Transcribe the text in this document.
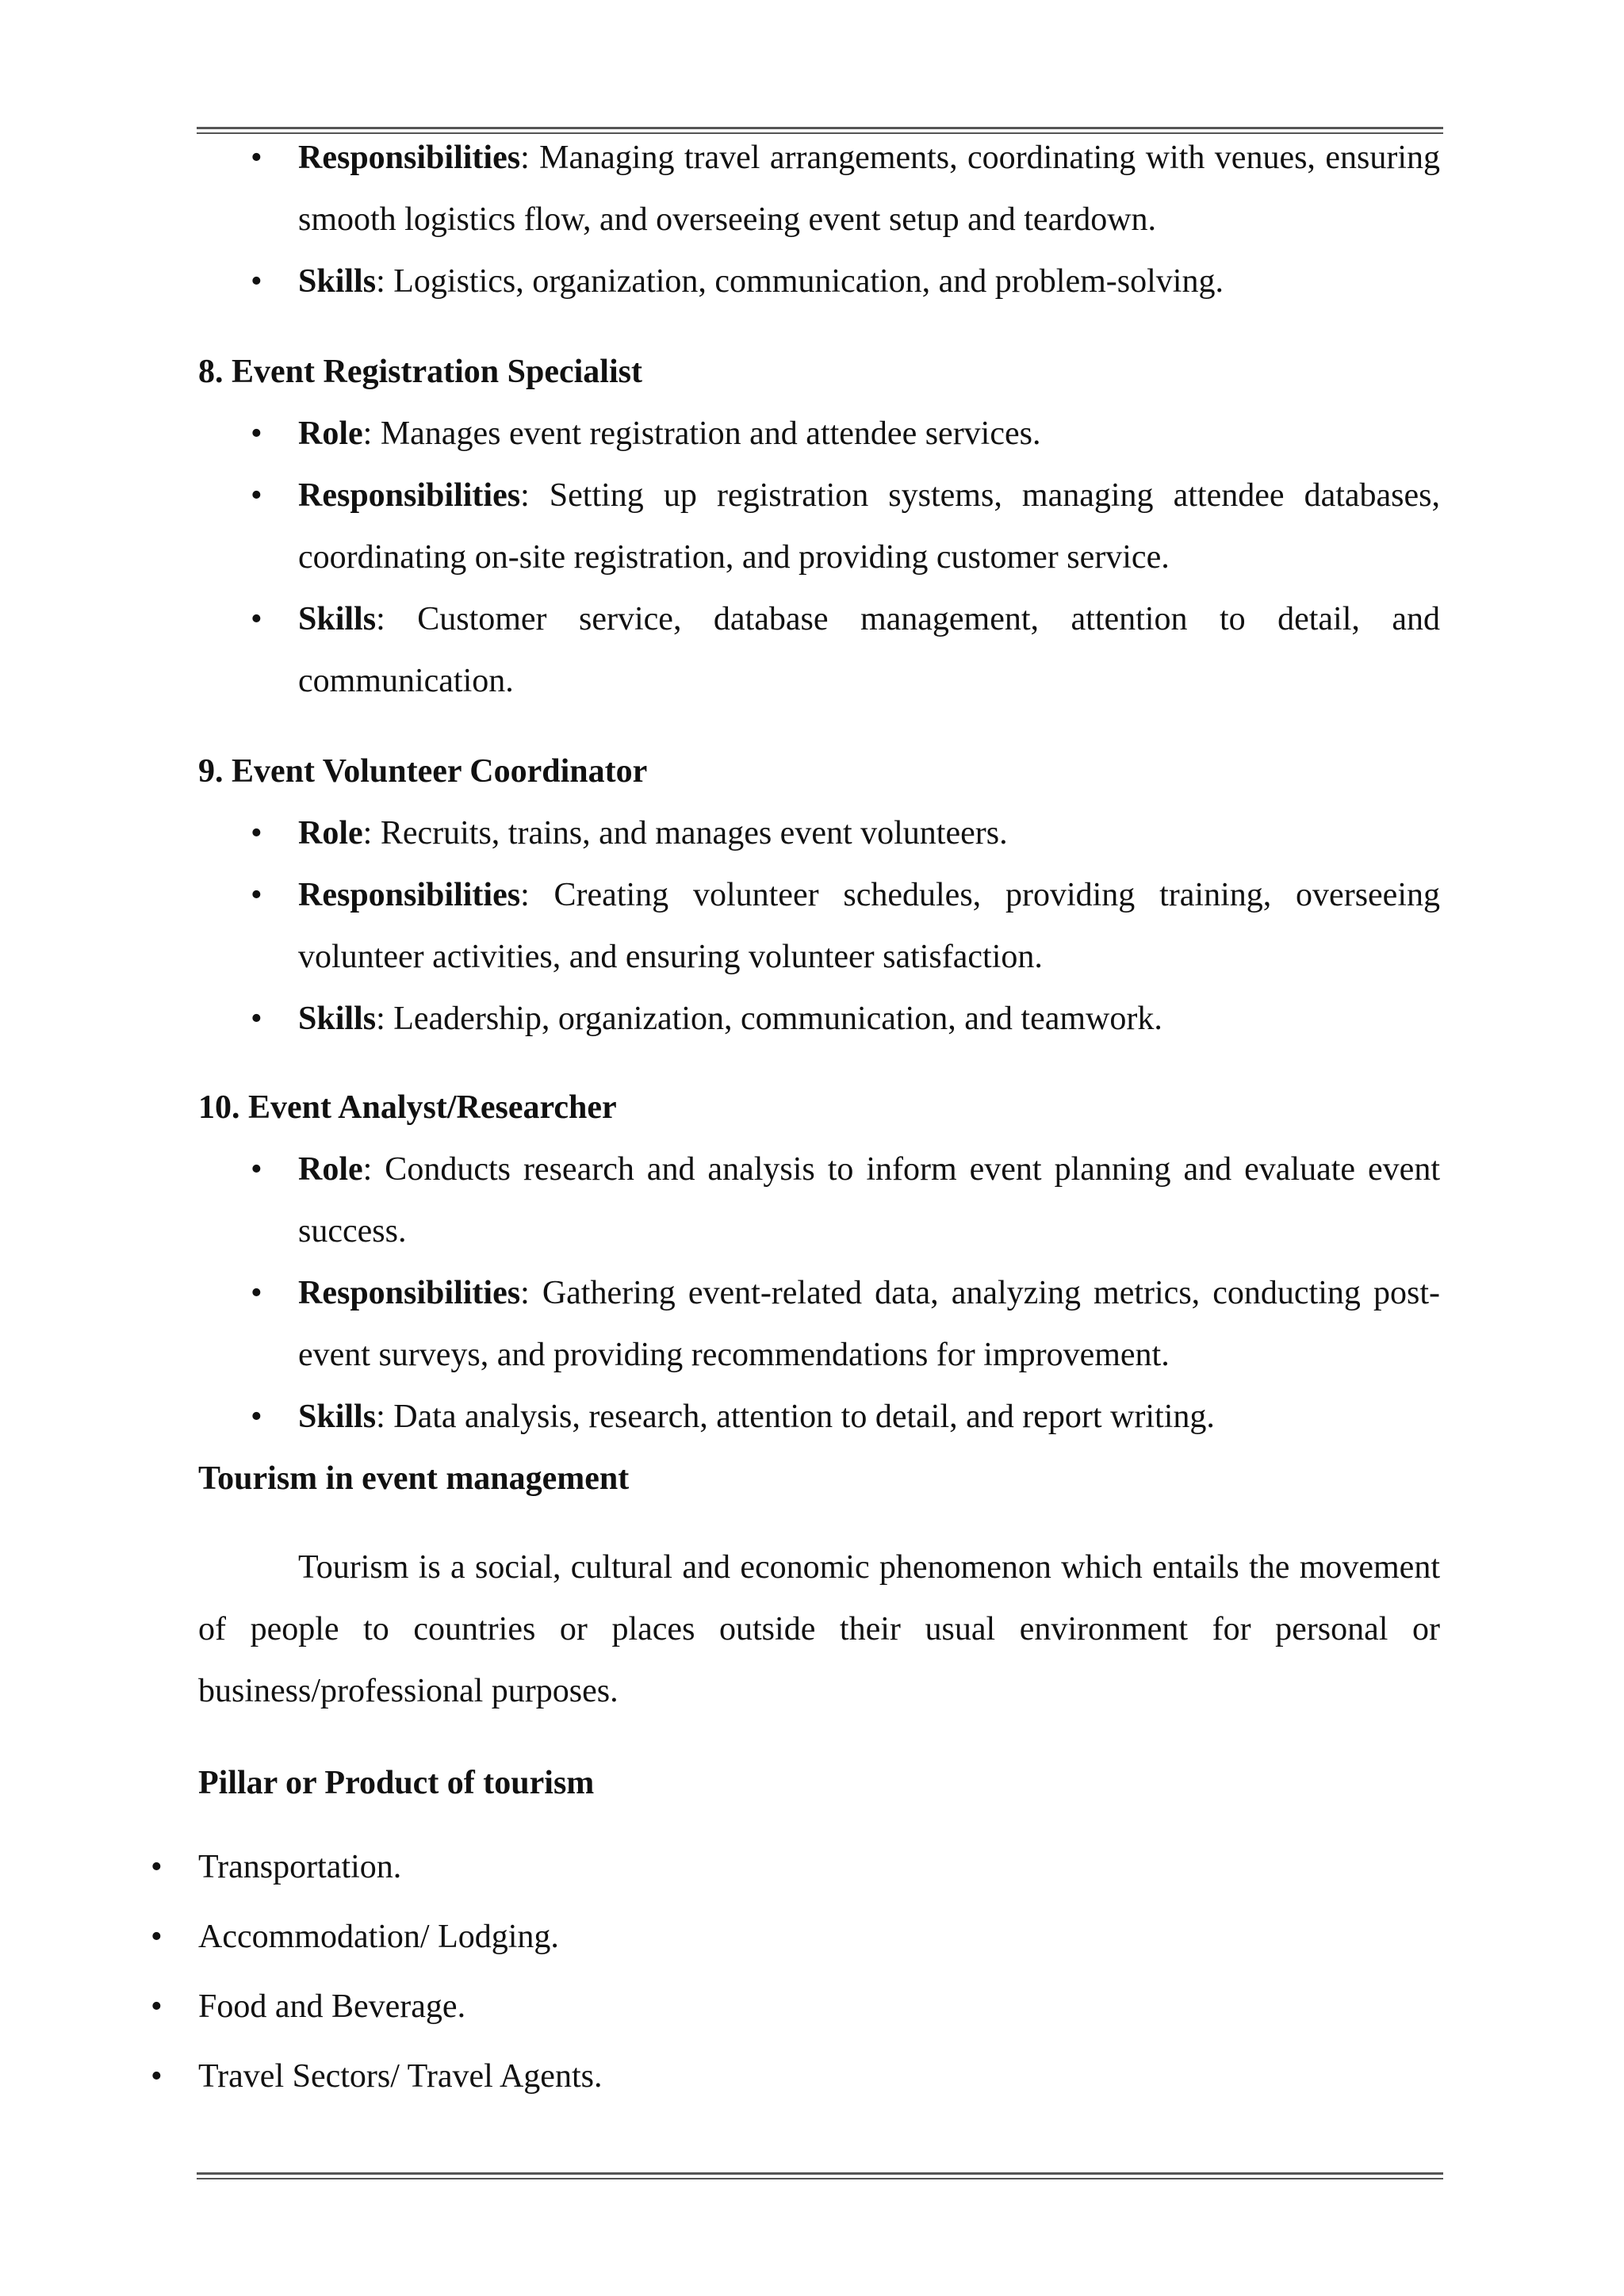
• Responsibilities: Managing travel arrangements, coordinating with venues, ensuring smooth logistics flow, and overseeing event setup and teardown.
• Skills: Logistics, organization, communication, and problem-solving.
8. Event Registration Specialist
• Role: Manages event registration and attendee services.
• Responsibilities: Setting up registration systems, managing attendee databases, coordinating on-site registration, and providing customer service.
• Skills: Customer service, database management, attention to detail, and communication.
9. Event Volunteer Coordinator
• Role: Recruits, trains, and manages event volunteers.
• Responsibilities: Creating volunteer schedules, providing training, overseeing volunteer activities, and ensuring volunteer satisfaction.
• Skills: Leadership, organization, communication, and teamwork.
10. Event Analyst/Researcher
• Role: Conducts research and analysis to inform event planning and evaluate event success.
• Responsibilities: Gathering event-related data, analyzing metrics, conducting post-event surveys, and providing recommendations for improvement.
• Skills: Data analysis, research, attention to detail, and report writing.
Tourism in event management

Tourism is a social, cultural and economic phenomenon which entails the movement of people to countries or places outside their usual environment for personal or business/professional purposes.

Pillar or Product of tourism
• Transportation.
• Accommodation/ Lodging.
• Food and Beverage.
• Travel Sectors/ Travel Agents.
